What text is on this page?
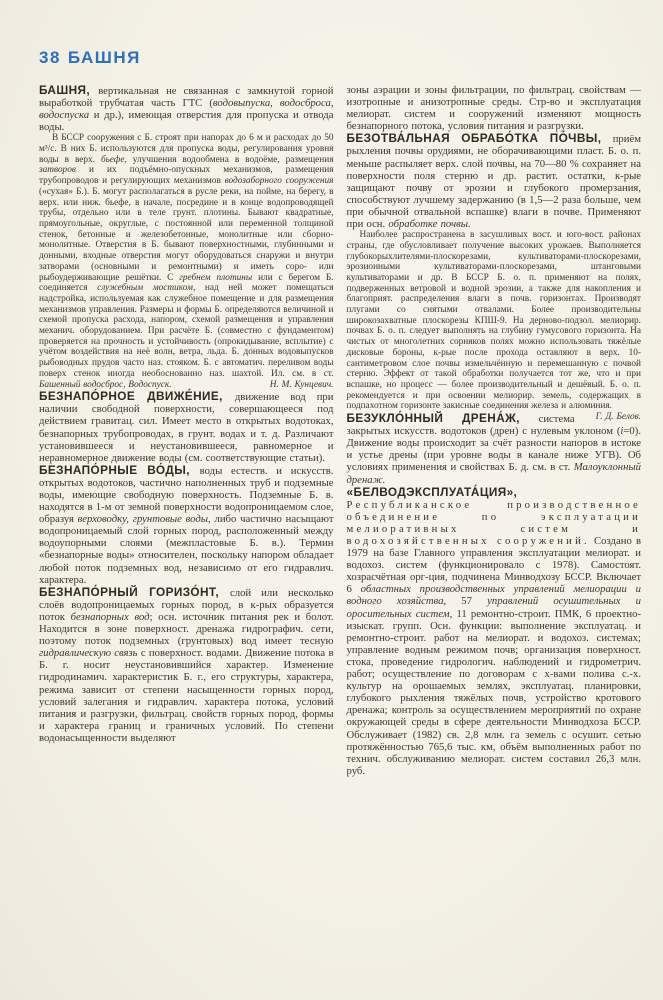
38 БАШНЯ

БАШНЯ, вертикальная не связанная с замкнутой горной выработкой трубчатая часть ГТС (водовыпуска, водосброса, водоспуска и др.), имеющая отверстия для пропуска и отвода воды.

В БССР сооружения с Б. строят при напорах до 6 м и расходах до 50 м³/с. В них Б. используются для пропуска воды, регулирования уровня воды в верх. бьефе, улучшения водообмена в водоёме, размещения затворов и их подъёмно-опускных механизмов, размещения трубопроводов и регулирующих механизмов водозаборного сооружения («сухая» Б.). Б. могут располагаться в русле реки, на пойме, на берегу, в верх. или ниж. бьефе, в начале, посредине и в конце водопроводящей трубы, отдельно или в теле грунт. плотины. Бывают квадратные, прямоугольные, округлые, с постоянной или переменной толщиной стенок, бетонные и железобетонные, монолитные или сборно-монолитные. Отверстия в Б. бывают поверхностными, глубинными и донными, входные отверстия могут оборудоваться снаружи и внутри затворами (основными и ремонтными) и иметь соро- или рыбоудерживающие решётки. С гребнем плотины или с берегом Б. соединяется служебным мостиком, над ней может помещаться надстройка, используемая как служебное помещение и для размещения механизмов управления. Размеры и формы Б. определяются величиной и схемой пропуска расхода, напором, схемой размещения и управления механич. оборудованием. При расчёте Б. (совместно с фундаментом) проверяется на прочность и устойчивость (опрокидывание, всплытие) с учётом воздействия на неё волн, ветра, льда. Б. донных водовыпусков рыбоводных прудов часто наз. стояком. Б. с автоматич. переливом воды поверх стенок иногда необоснованно наз. шахтой. Ил. см. в ст. Башенный водосброс, Водоспуск.	Н. М. Кунцевич.

БЕЗНАПО́РНОЕ ДВИЖЕ́НИЕ, движение вод при наличии свободной поверхности, совершающееся под действием гравитац. сил. Имеет место в открытых водотоках, безнапорных трубопроводах, в грунт. водах и т. д. Различают установившееся и неустановившееся, равномерное и неравномерное движение воды (см. соответствующие статьи).

БЕЗНАПО́РНЫЕ ВО́ДЫ, воды естеств. и искусств. открытых водотоков, частично наполненных труб и подземные воды, имеющие свободную поверхность. Подземные Б. в. находятся в 1-м от земной поверхности водопроницаемом слое, образуя верховодку, грунтовые воды, либо частично насыщают водопроницаемый слой горных пород, расположенный между водоупорными слоями (межпластовые Б. в.). Термин «безнапорные воды» относителен, поскольку напором обладает любой поток подземных вод, независимо от его гидравлич. характера.

БЕЗНАПО́РНЫЙ ГОРИЗО́НТ, слой или несколько слоёв водопроницаемых горных пород, в к-рых образуется поток безнапорных вод; осн. источник питания рек и болот. Находится в зоне поверхност. дренажа гидрографич. сети, поэтому поток подземных (грунтовых) вод имеет тесную гидравлическую связь с поверхност. водами. Движение потока в Б. г. носит неустановившийся характер. Изменение гидродинамич. характеристик Б. г., его структуры, характера, режима зависит от степени насыщенности горных пород, условий залегания и гидравлич. характера потока, условий питания и разгрузки, фильтрац. свойств горных пород, формы и характера границ и граничных условий. По степени водонасыщенности выделяют

зоны аэрации и зоны фильтрации, по фильтрац. свойствам — изотропные и анизотропные среды. Стр-во и эксплуатация мелиорат. систем и сооружений изменяют мощность безнапорного потока, условия питания и разгрузки.

БЕЗОТВА́ЛЬНАЯ ОБРАБО́ТКА ПО́ЧВЫ, приём рыхления почвы орудиями, не оборачивающими пласт. Б. о. п. меньше распыляет верх. слой почвы, на 70—80 % сохраняет на поверхности поля стерню и др. растит. остатки, к-рые защищают почву от эрозии и глубокого промерзания, способствуют лучшему задержанию (в 1,5—2 раза больше, чем при обычной отвальной вспашке) влаги в почве. Применяют при осн. обработке почвы.

Наиболее распространена в засушливых вост. и юго-вост. районах страны, где обусловливает получение высоких урожаев. Выполняется глубокорыхлителями-плоскорезами, культиваторами-плоскорезами, эрозионными культиваторами-плоскорезами, штанговыми культиваторами и др. В БССР Б. о. п. применяют на полях, подверженных ветровой и водной эрозии, а также для накопления и благоприят. распределения влаги в почв. горизонтах. Производят плугами со снятыми отвалами. Более производительны широкозахватные плоскорезы КПШ-9. На дерново-подзол. мелиорир. почвах Б. о. п. следует выполнять на глубину гумусового горизонта. На чистых от многолетних сорняков полях можно использовать тяжёлые дисковые бороны, к-рые после прохода оставляют в верх. 10-сантиметровом слое почвы измельчённую и перемешанную с почвой стерню. Эффект от такой обработки получается тот же, что и при вспашке, но процесс — более производительный и дешёвый. Б. о. п. рекомендуется и при освоении мелиорир. земель, содержащих в подпахотном горизонте закисные соединения железа и алюминия.
Г. Д. Белов.

БЕЗУКЛО́ННЫЙ ДРЕНА́Ж, система закрытых искусств. водотоков (дрен) с нулевым уклоном (i=0). Движение воды происходит за счёт разности напоров в истоке и устье дрены (при уровне воды в канале ниже УГВ). Об условиях применения и свойствах Б. д. см. в ст. Малоуклонный дренаж.

«БЕЛВОДЭКСПЛУАТА́ЦИЯ», Республиканское производственное объединение по эксплуатации мелиоративных систем и водохозяйственных сооружений. Создано в 1979 на базе Главного управления эксплуатации мелиорат. и водохоз. систем (функционировало с 1978). Самостоят. хозрасчётная орг-ция, подчинена Минводхозу БССР. Включает 6 областных производственных управлений мелиорации и водного хозяйства, 57 управлений осушительных и оросительных систем, 11 ремонтно-строит. ПМК, 6 проектно-изыскат. групп. Осн. функции: выполнение эксплуатац. и ремонтно-строит. работ на мелиорат. и водохоз. системах; управление водным режимом почв; организация поверхност. стока, проведение гидрологич. наблюдений и гидрометрич. работ; осуществление по договорам с х-вами полива с.-х. культур на орошаемых землях, эксплуатац. планировки, глубокого рыхления тяжёлых почв, устройство кротового дренажа; контроль за осуществлением мероприятий по охране окружающей среды в сфере деятельности Минводхоза БССР. Обслуживает (1982) св. 2,8 млн. га земель с осушит. сетью протяжённостью 765,6 тыс. км, объём выполненных работ по технич. обслуживанию мелиорат. систем составил 26,3 млн. руб.
